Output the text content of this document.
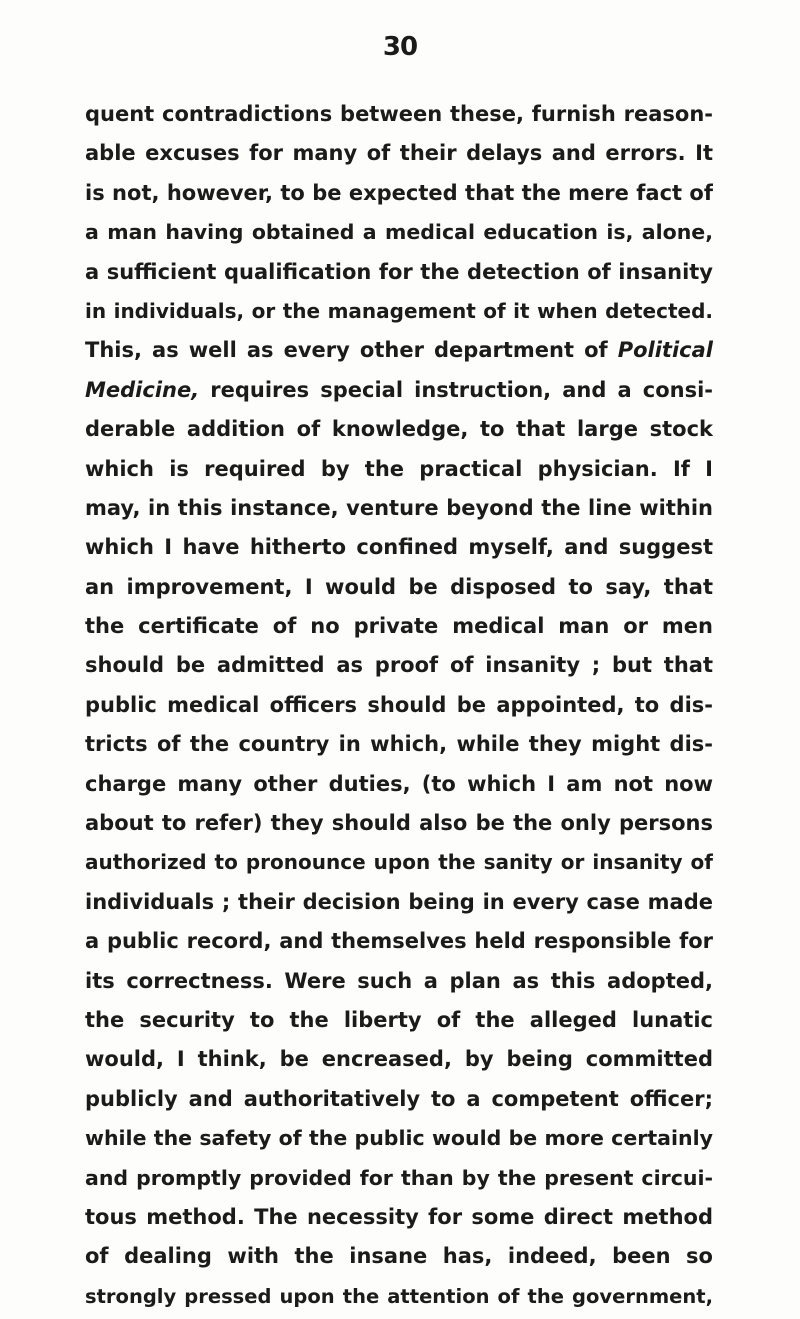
30
quent contradictions between these, furnish reason-
able excuses for many of their delays and errors. It
is not, however, to be expected that the mere fact of
a man having obtained a medical education is, alone,
a sufficient qualification for the detection of insanity
in individuals, or the management of it when detected.
This, as well as every other department of Political
Medicine, requires special instruction, and a consi-
derable addition of knowledge, to that large stock
which is required by the practical physician. If I
may, in this instance, venture beyond the line within
which I have hitherto confined myself, and suggest
an improvement, I would be disposed to say, that
the certificate of no private medical man or men
should be admitted as proof of insanity ; but that
public medical officers should be appointed, to dis-
tricts of the country in which, while they might dis-
charge many other duties, (to which I am not now
about to refer) they should also be the only persons
authorized to pronounce upon the sanity or insanity of
individuals ; their decision being in every case made
a public record, and themselves held responsible for
its correctness. Were such a plan as this adopted,
the security to the liberty of the alleged lunatic
would, I think, be encreased, by being committed
publicly and authoritatively to a competent officer;
while the safety of the public would be more certainly
and promptly provided for than by the present circui-
tous method. The necessity for some direct method
of dealing with the insane has, indeed, been so
strongly pressed upon the attention of the government,
